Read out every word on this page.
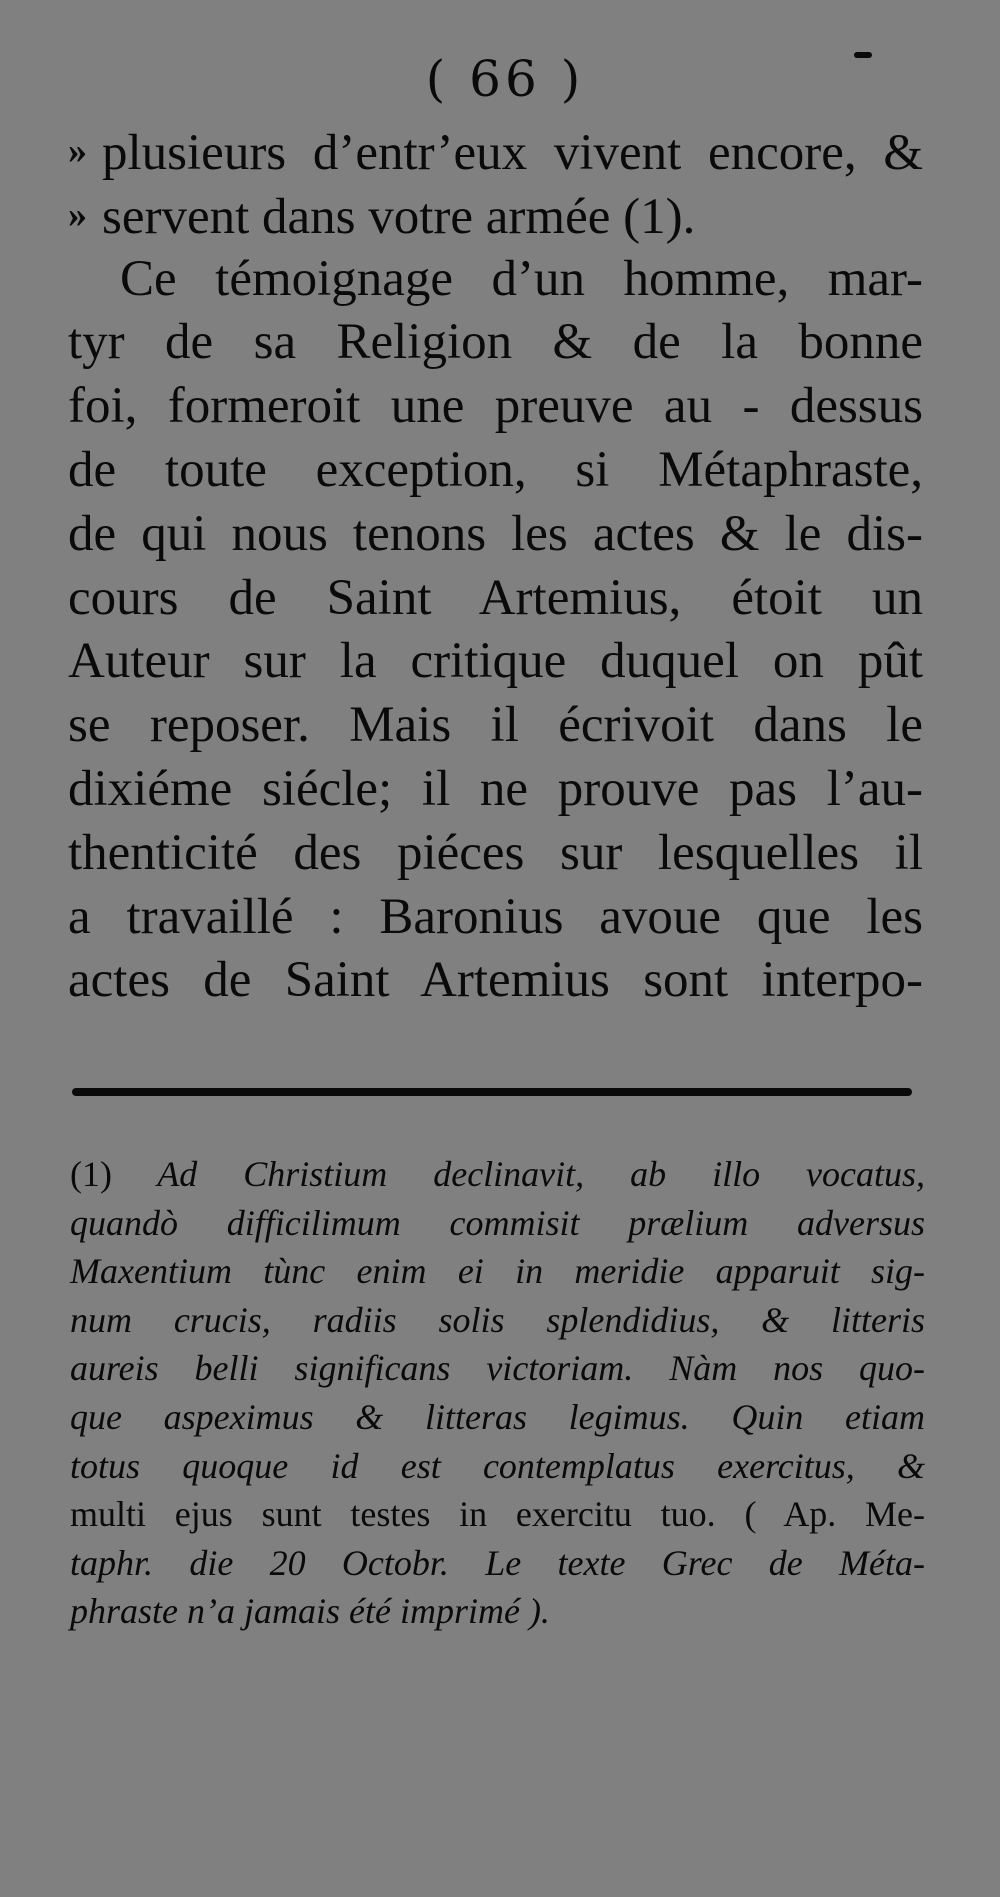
( 66 )
» plusieurs d’entr’eux vivent encore, &
» servent dans votre armée (1).
Ce témoignage d’un homme, mar-
tyr de sa Religion & de la bonne
foi, formeroit une preuve au - dessus
de toute exception, si Métaphraste,
de qui nous tenons les actes & le dis-
cours de Saint Artemius, étoit un
Auteur sur la critique duquel on pût
se reposer. Mais il écrivoit dans le
dixiéme siécle; il ne prouve pas l’au-
thenticité des piéces sur lesquelles il
a travaillé : Baronius avoue que les
actes de Saint Artemius sont interpo-
(1) Ad Christium declinavit, ab illo vocatus,
quandò difficilimum commisit prælium adversus
Maxentium tùnc enim ei in meridie apparuit sig-
num crucis, radiis solis splendidius, & litteris
aureis belli significans victoriam. Nàm nos quo-
que aspeximus & litteras legimus. Quin etiam
totus quoque id est contemplatus exercitus, &
multi ejus sunt testes in exercitu tuo. ( Ap. Me-
taphr. die 20 Octobr. Le texte Grec de Méta-
phraste n’a jamais été imprimé ).
